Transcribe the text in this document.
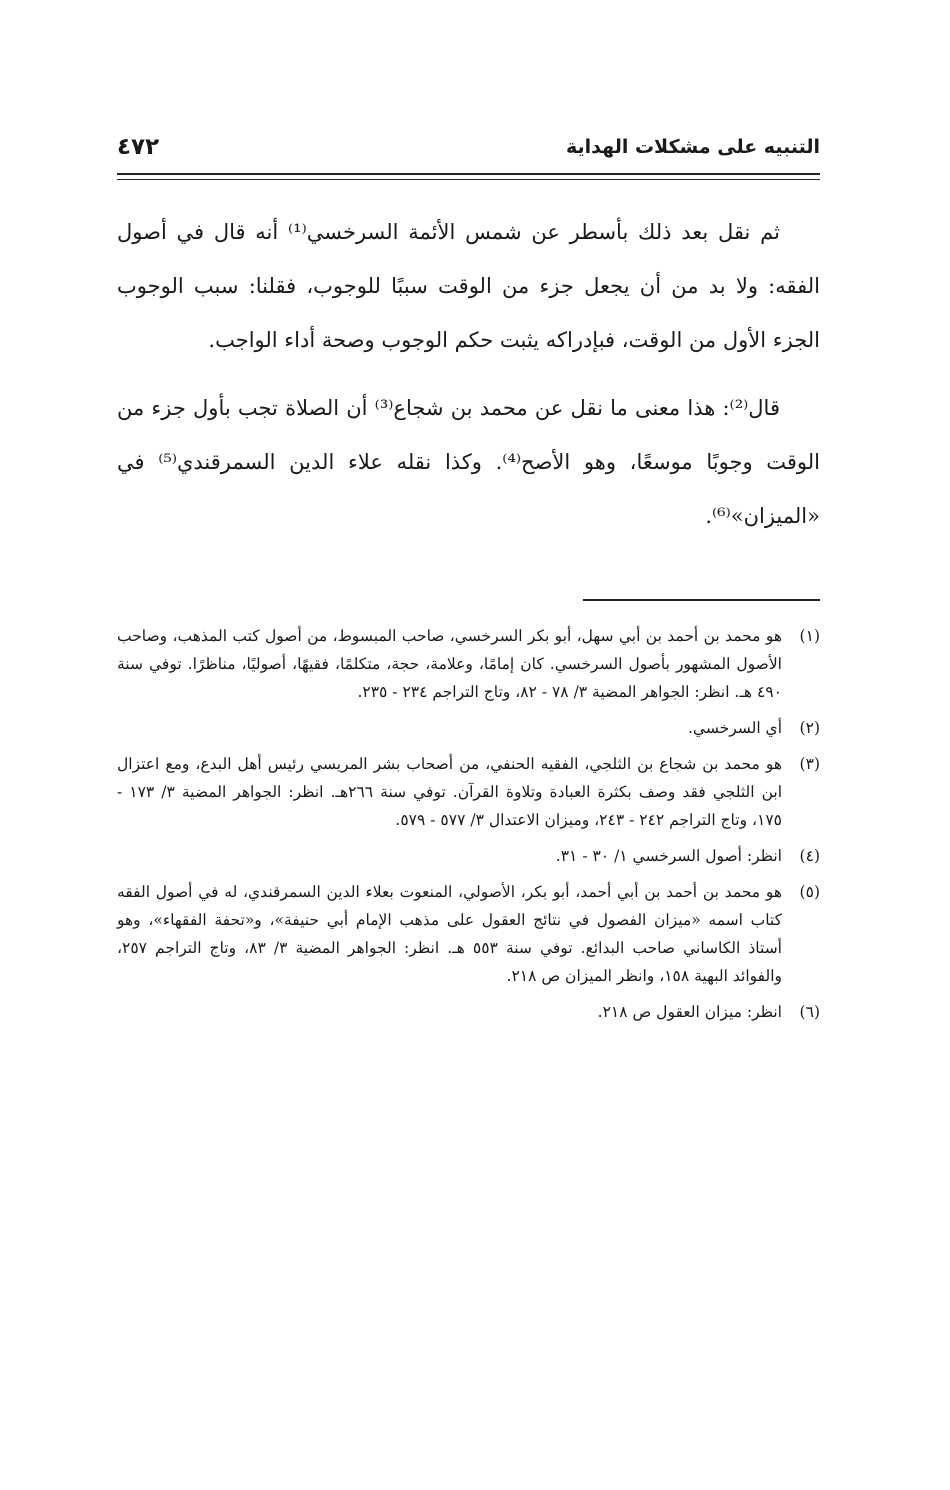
التنبيه على مشكلات الهداية
٤٧٢

ثم نقل بعد ذلك بأسطر عن شمس الأئمة السرخسي⁽¹⁾ أنه قال في أصول الفقه: ولا بد من أن يجعل جزء من الوقت سببًا للوجوب، فقلنا: سبب الوجوب الجزء الأول من الوقت، فبإدراكه يثبت حكم الوجوب وصحة أداء الواجب.

قال⁽²⁾: هذا معنى ما نقل عن محمد بن شجاع⁽³⁾ أن الصلاة تجب بأول جزء من الوقت وجوبًا موسعًا، وهو الأصح⁽⁴⁾. وكذا نقله علاء الدين السمرقندي⁽⁵⁾ في «الميزان»⁽⁶⁾.

(١)
هو محمد بن أحمد بن أبي سهل، أبو بكر السرخسي، صاحب المبسوط، من أصول كتب المذهب، وصاحب الأصول المشهور بأصول السرخسي. كان إمامًا، وعلامة، حجة، متكلمًا، فقيهًا، أصوليًا، مناظرًا. توفي سنة ٤٩٠ هـ. انظر: الجواهر المضية ٣/ ٧٨ - ٨٢، وتاج التراجم ٢٣٤ - ٢٣٥.
(٢)
أي السرخسي.
(٣)
هو محمد بن شجاع بن الثلجي، الفقيه الحنفي، من أصحاب بشر المريسي رئيس أهل البدع، ومع اعتزال ابن الثلجي فقد وصف بكثرة العبادة وتلاوة القرآن. توفي سنة ٢٦٦هـ. انظر: الجواهر المضية ٣/ ١٧٣ - ١٧٥، وتاج التراجم ٢٤٢ - ٢٤٣، وميزان الاعتدال ٣/ ٥٧٧ - ٥٧٩.
(٤)
انظر: أصول السرخسي ١/ ٣٠ - ٣١.
(٥)
هو محمد بن أحمد بن أبي أحمد، أبو بكر، الأصولي، المنعوت بعلاء الدين السمرقندي، له في أصول الفقه كتاب اسمه «ميزان الفصول في نتائج العقول على مذهب الإمام أبي حنيفة»، و«تحفة الفقهاء»، وهو أستاذ الكاساني صاحب البدائع. توفي سنة ٥٥٣ هـ. انظر: الجواهر المضية ٣/ ٨٣، وتاج التراجم ٢٥٧، والفوائد البهية ١٥٨، وانظر الميزان ص ٢١٨.
(٦)
انظر: ميزان العقول ص ٢١٨.
